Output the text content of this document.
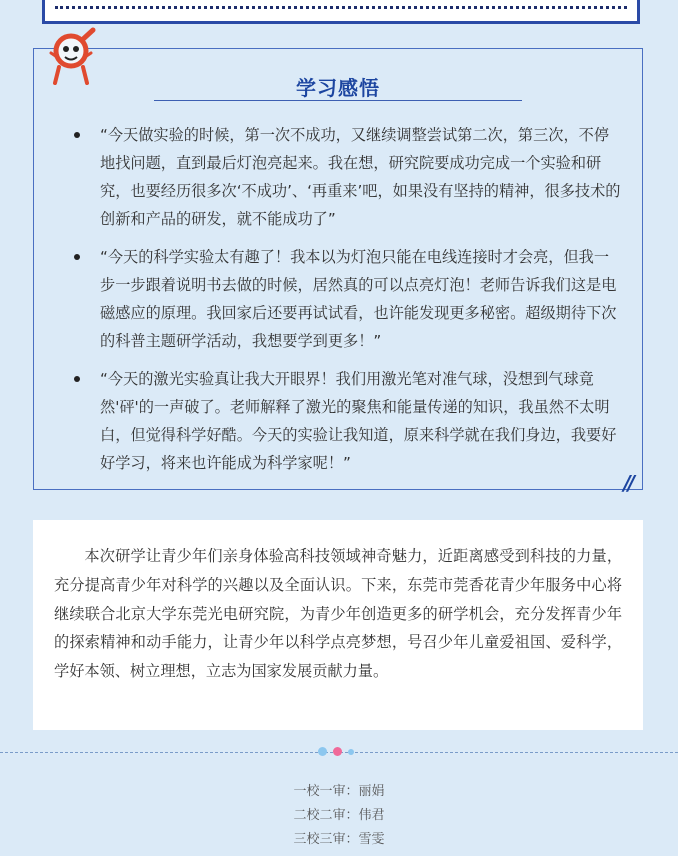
学习感悟
“今天做实验的时候，第一次不成功，又继续调整尝试第二次，第三次，不停地找问题，直到最后灯泡亮起来。我在想，研究院要成功完成一个实验和研究，也要经历很多次‘不成功’、‘再重来’吧，如果没有坚持的精神，很多技术的创新和产品的研发，就不能成功了”
“今天的科学实验太有趣了！我本以为灯泡只能在电线连接时才会亮，但我一步一步跟着说明书去做的时候，居然真的可以点亮灯泡！老师告诉我们这是电磁感应的原理。我回家后还要再试试看，也许能发现更多秘密。超级期待下次的科普主题研学活动，我想要学到更多！”
“今天的激光实验真让我大开眼界！我们用激光笔对准气球，没想到气球竟然'砰'的一声破了。老师解释了激光的聚焦和能量传递的知识，我虽然不太明白，但觉得科学好酷。今天的实验让我知道，原来科学就在我们身边，我要好好学习，将来也许能成为科学家呢！”
//

本次研学让青少年们亲身体验高科技领域神奇魅力，近距离感受到科技的力量，充分提高青少年对科学的兴趣以及全面认识。下来，东莞市莞香花青少年服务中心将继续联合北京大学东莞光电研究院，为青少年创造更多的研学机会，充分发挥青少年的探索精神和动手能力，让青少年以科学点亮梦想，号召少年儿童爱祖国、爱科学，学好本领、树立理想，立志为国家发展贡献力量。

一校一审：丽娟
二校二审：伟君
三校三审：雪雯
